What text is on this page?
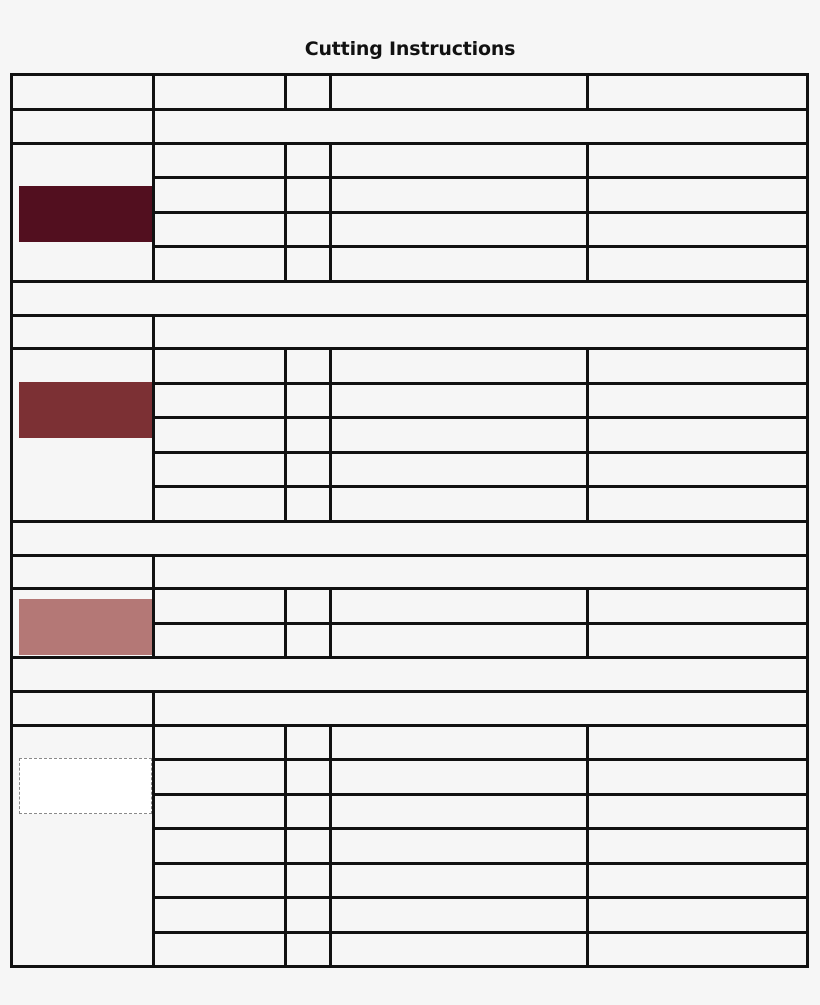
Cutting Instructions
